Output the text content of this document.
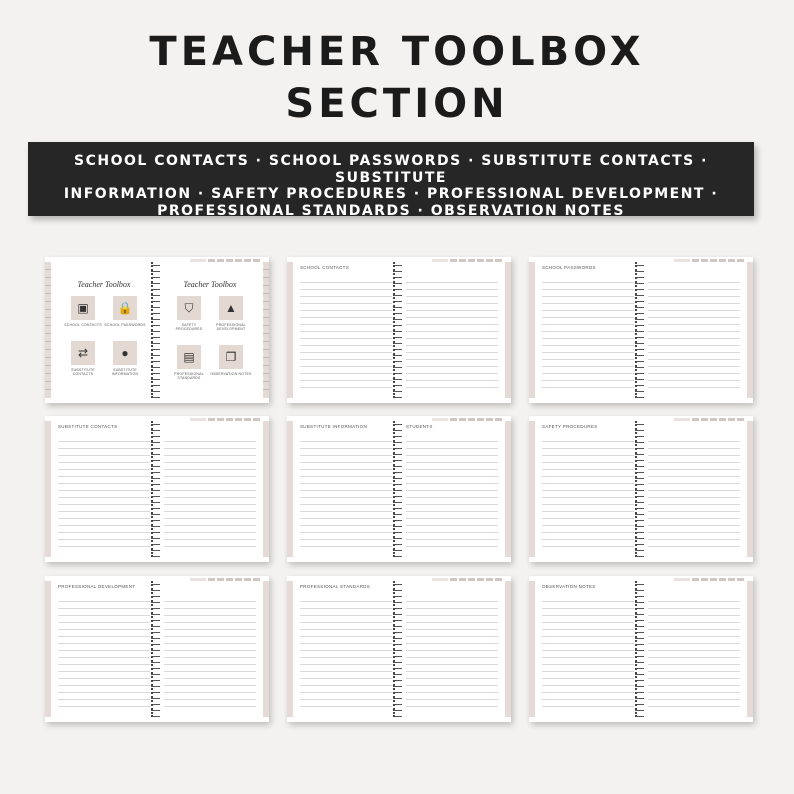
TEACHER TOOLBOX
SECTION
SCHOOL CONTACTS · SCHOOL PASSWORDS · SUBSTITUTE CONTACTS · SUBSTITUTE
INFORMATION · SAFETY PROCEDURES · PROFESSIONAL DEVELOPMENT ·
PROFESSIONAL STANDARDS · OBSERVATION NOTES
Teacher Toolbox
▣
SCHOOL CONTACTS
🔒
SCHOOL PASSWORDS
⇄
SUBSTITUTE CONTACTS
●
SUBSTITUTE INFORMATION
Teacher Toolbox
⛉
SAFETY PROCEDURES
▲
PROFESSIONAL DEVELOPMENT
▤
PROFESSIONAL STANDARDS
❐
OBSERVATION NOTES
SCHOOL CONTACTS	SCHOOL PASSWORDS
SUBSTITUTE CONTACTS	SUBSTITUTE INFORMATION	STUDENTS	SAFETY PROCEDURES
PROFESSIONAL DEVELOPMENT	PROFESSIONAL STANDARDS	OBSERVATION NOTES
